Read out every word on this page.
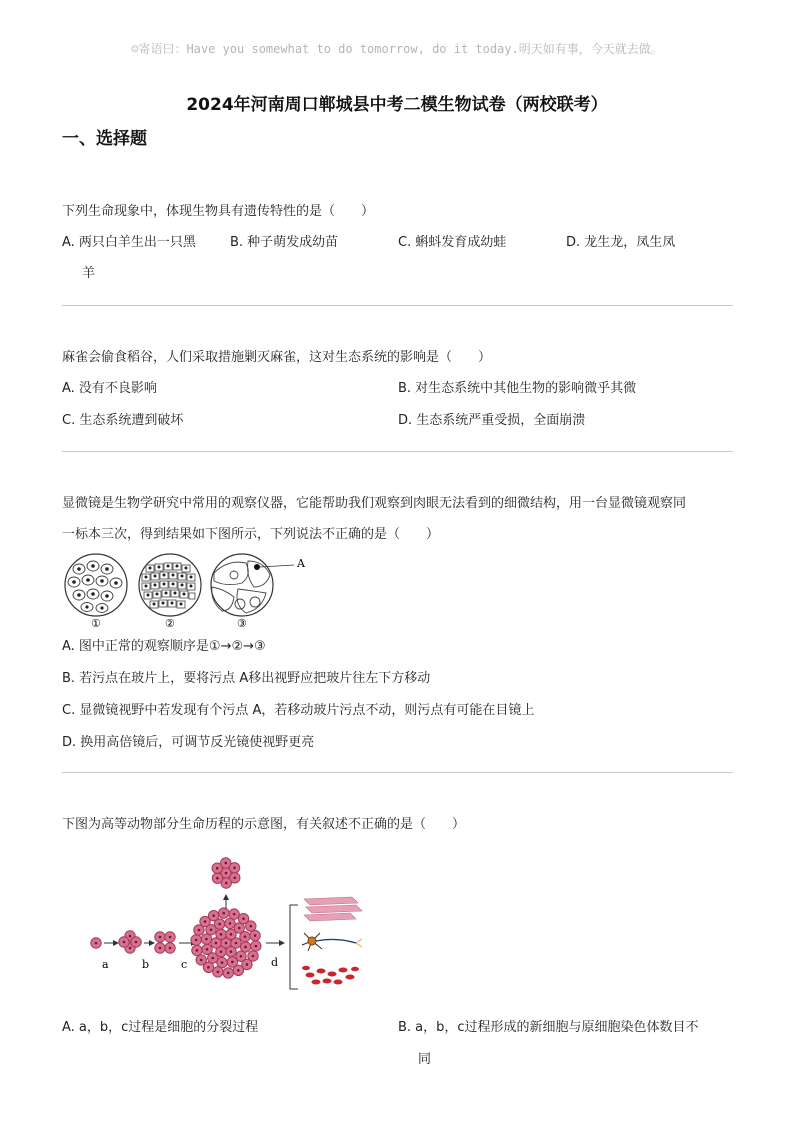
☺寄语曰：Have you somewhat to do tomorrow, do it today.明天如有事，今天就去做。
2024年河南周口郸城县中考二模生物试卷（两校联考）
一、选择题
下列生命现象中，体现生物具有遗传特性的是（　　）
A. 两只白羊生出一只黑	B. 种子萌发成幼苗	C. 蝌蚪发育成幼蛙	D. 龙生龙，凤生凤
羊
麻雀会偷食稻谷，人们采取措施剿灭麻雀，这对生态系统的影响是（　　）
A. 没有不良影响	B. 对生态系统中其他生物的影响微乎其微
C. 生态系统遭到破坏	D. 生态系统严重受损，全面崩溃
显微镜是生物学研究中常用的观察仪器，它能帮助我们观察到肉眼无法看到的细微结构，用一台显微镜观察同
一标本三次，得到结果如下图所示，下列说法不正确的是（　　）
A
①	②	③
A. 图中正常的观察顺序是①→②→③
B. 若污点在玻片上，要将污点 A移出视野应把玻片往左下方移动
C. 显微镜视野中若发现有个污点 A，若移动玻片污点不动，则污点有可能在目镜上
D. 换用高倍镜后，可调节反光镜使视野更亮
下图为高等动物部分生命历程的示意图，有关叙述不正确的是（　　）
a	b	c	d
A. a，b，c过程是细胞的分裂过程	B. a，b，c过程形成的新细胞与原细胞染色体数目不
同
